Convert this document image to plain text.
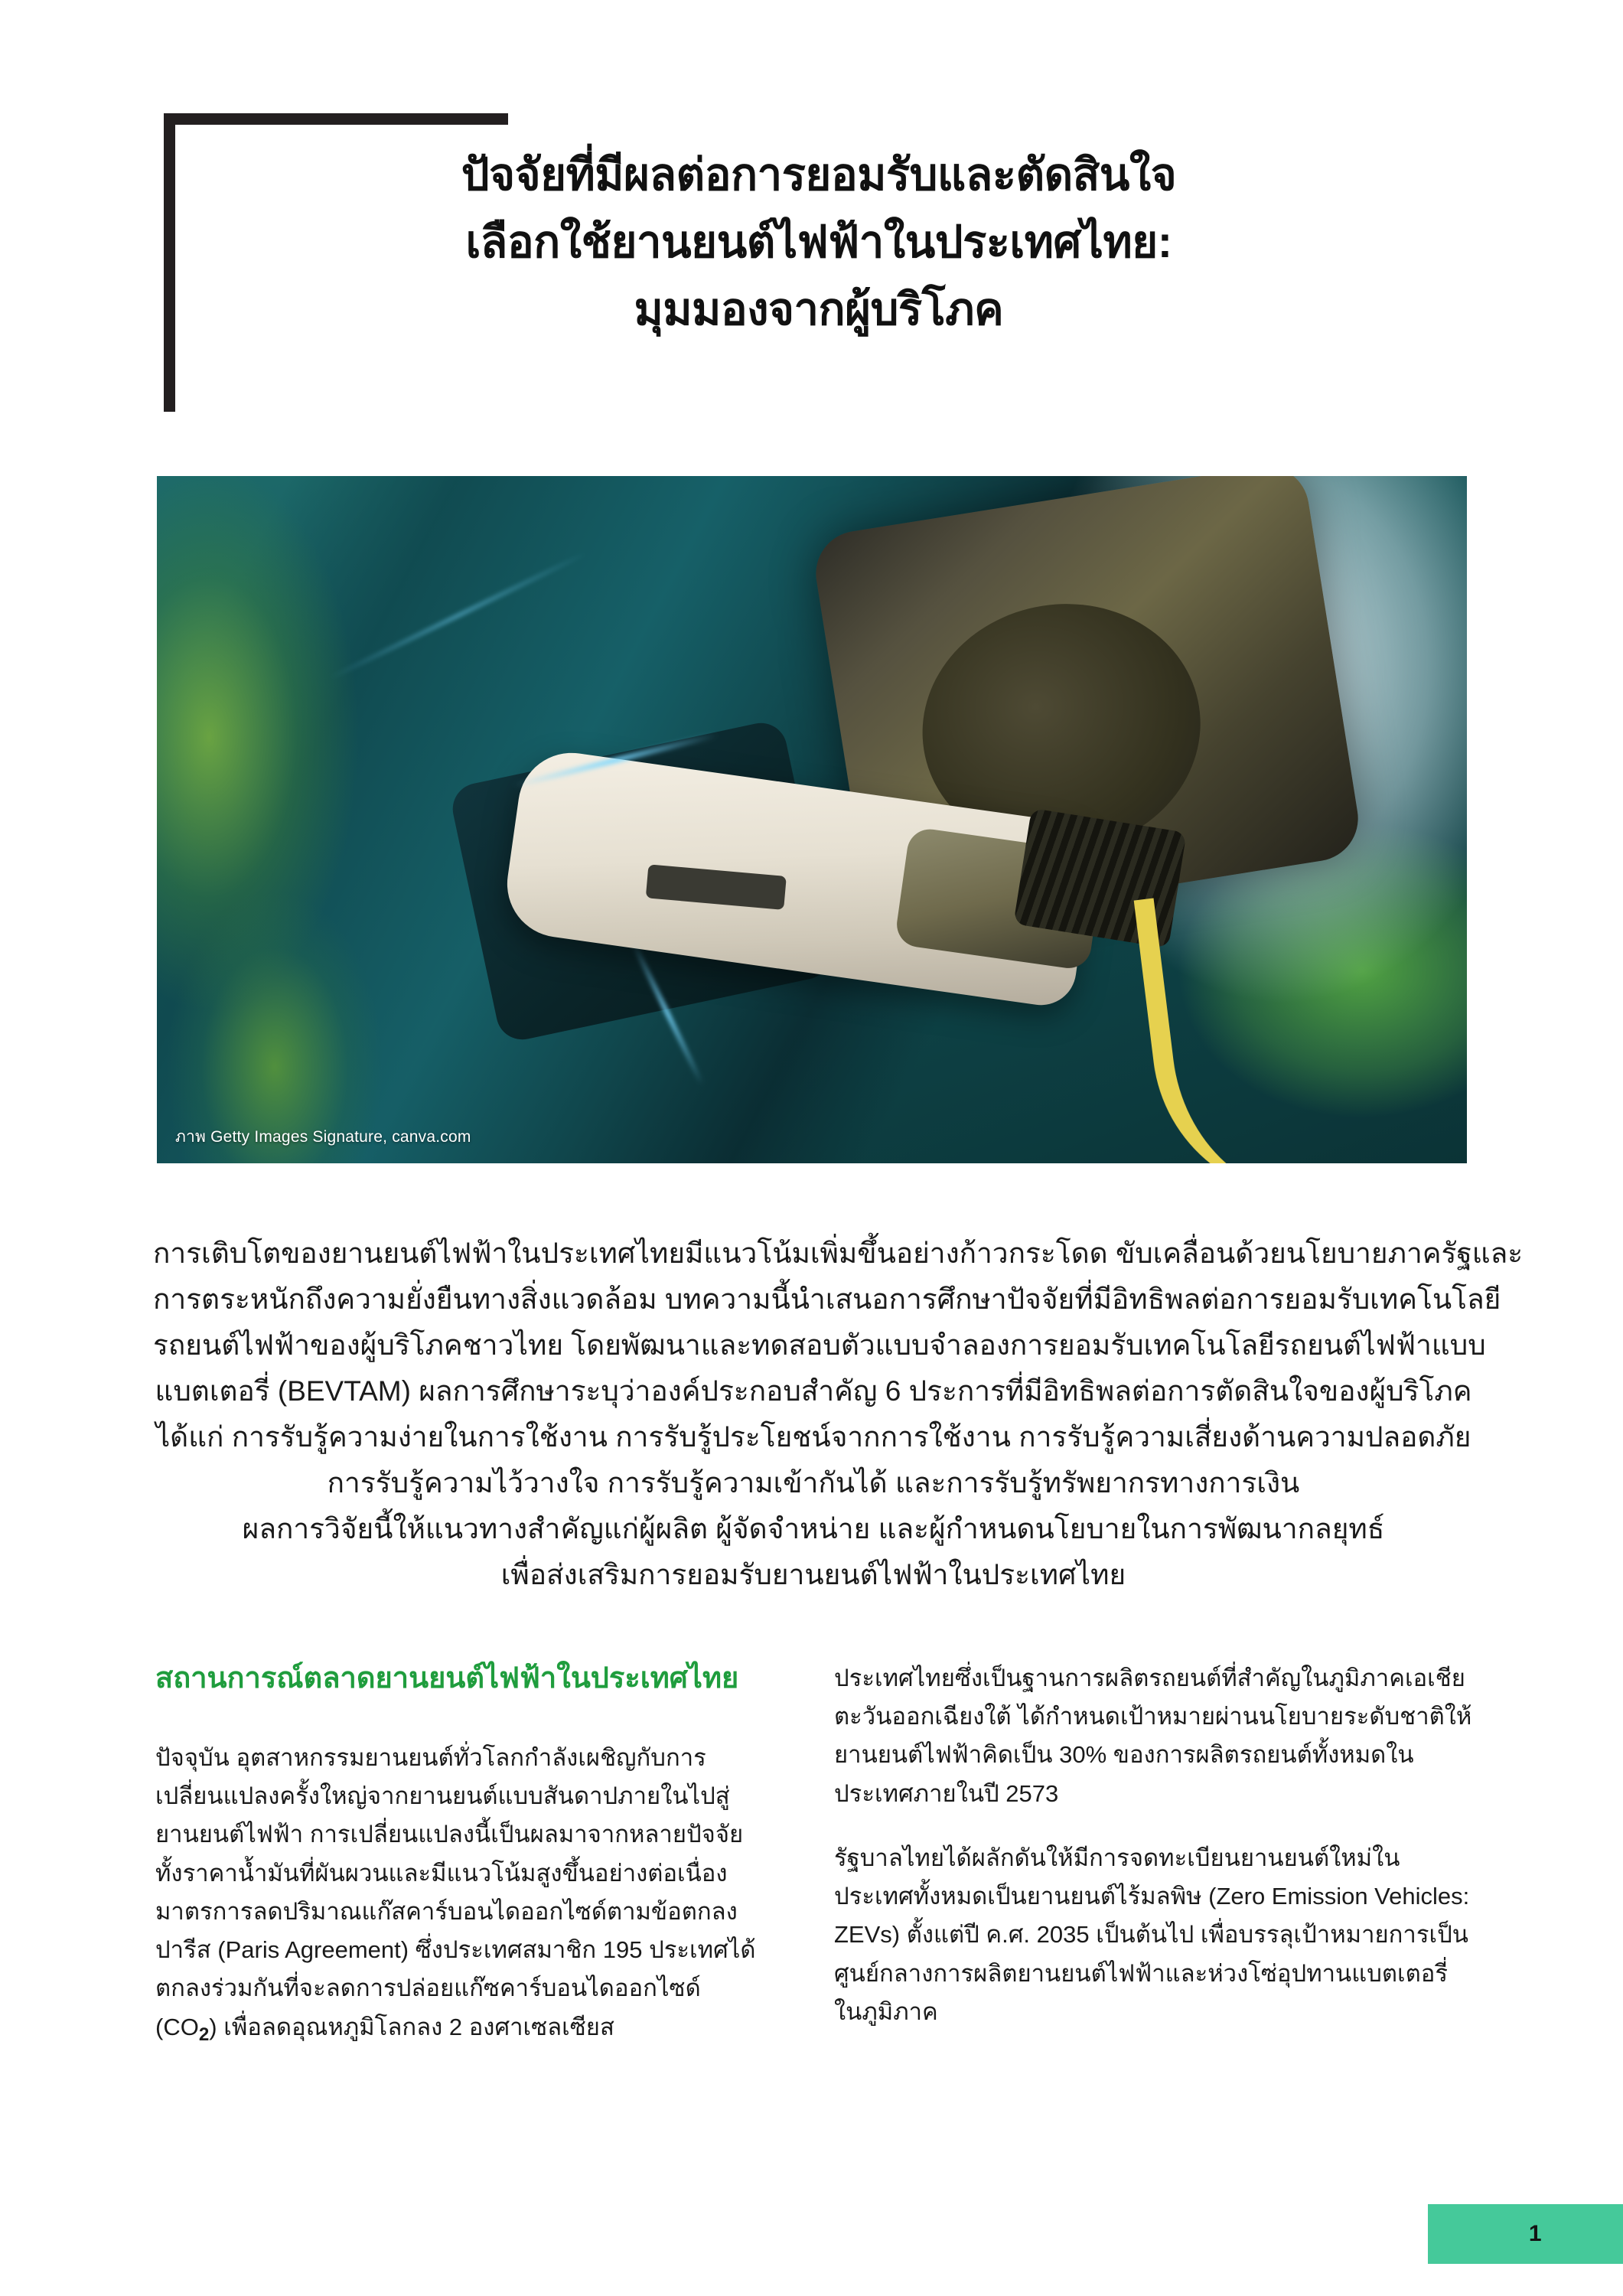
ปัจจัยที่มีผลต่อการยอมรับและตัดสินใจ
เลือกใช้ยานยนต์ไฟฟ้าในประเทศไทย:
มุมมองจากผู้บริโภค
ภาพ Getty Images Signature, canva.com
การเติบโตของยานยนต์ไฟฟ้าในประเทศไทยมีแนวโน้มเพิ่มขึ้นอย่างก้าวกระโดด ขับเคลื่อนด้วยนโยบายภาครัฐและ
การตระหนักถึงความยั่งยืนทางสิ่งแวดล้อม บทความนี้นำเสนอการศึกษาปัจจัยที่มีอิทธิพลต่อการยอมรับเทคโนโลยี
รถยนต์ไฟฟ้าของผู้บริโภคชาวไทย โดยพัฒนาและทดสอบตัวแบบจำลองการยอมรับเทคโนโลยีรถยนต์ไฟฟ้าแบบ
แบตเตอรี่ (BEVTAM) ผลการศึกษาระบุว่าองค์ประกอบสำคัญ 6 ประการที่มีอิทธิพลต่อการตัดสินใจของผู้บริโภค
ได้แก่ การรับรู้ความง่ายในการใช้งาน การรับรู้ประโยชน์จากการใช้งาน การรับรู้ความเสี่ยงด้านความปลอดภัย
การรับรู้ความไว้วางใจ การรับรู้ความเข้ากันได้ และการรับรู้ทรัพยากรทางการเงิน
ผลการวิจัยนี้ให้แนวทางสำคัญแก่ผู้ผลิต ผู้จัดจำหน่าย และผู้กำหนดนโยบายในการพัฒนากลยุทธ์
เพื่อส่งเสริมการยอมรับยานยนต์ไฟฟ้าในประเทศไทย
สถานการณ์ตลาดยานยนต์ไฟฟ้าในประเทศไทย

ปัจจุบัน อุตสาหกรรมยานยนต์ทั่วโลกกำลังเผชิญกับการเปลี่ยนแปลงครั้งใหญ่จากยานยนต์แบบสันดาปภายในไปสู่ยานยนต์ไฟฟ้า การเปลี่ยนแปลงนี้เป็นผลมาจากหลายปัจจัย ทั้งราคาน้ำมันที่ผันผวนและมีแนวโน้มสูงขึ้นอย่างต่อเนื่อง มาตรการลดปริมาณแก๊สคาร์บอนไดออกไซด์ตามข้อตกลงปารีส (Paris Agreement) ซึ่งประเทศสมาชิก 195 ประเทศได้ตกลงร่วมกันที่จะลดการปล่อยแก๊ซคาร์บอนไดออกไซด์ $(CO_2)$ เพื่อลดอุณหภูมิโลกลง 2 องศาเซลเซียส

ประเทศไทยซึ่งเป็นฐานการผลิตรถยนต์ที่สำคัญในภูมิภาคเอเชียตะวันออกเฉียงใต้ ได้กำหนดเป้าหมายผ่านนโยบายระดับชาติให้ยานยนต์ไฟฟ้าคิดเป็น 30% ของการผลิตรถยนต์ทั้งหมดในประเทศภายในปี 2573

รัฐบาลไทยได้ผลักดันให้มีการจดทะเบียนยานยนต์ใหม่ในประเทศทั้งหมดเป็นยานยนต์ไร้มลพิษ (Zero Emission Vehicles: ZEVs) ตั้งแต่ปี ค.ศ. 2035 เป็นต้นไป เพื่อบรรลุเป้าหมายการเป็นศูนย์กลางการผลิตยานยนต์ไฟฟ้าและห่วงโซ่อุปทานแบตเตอรี่ในภูมิภาค

1
